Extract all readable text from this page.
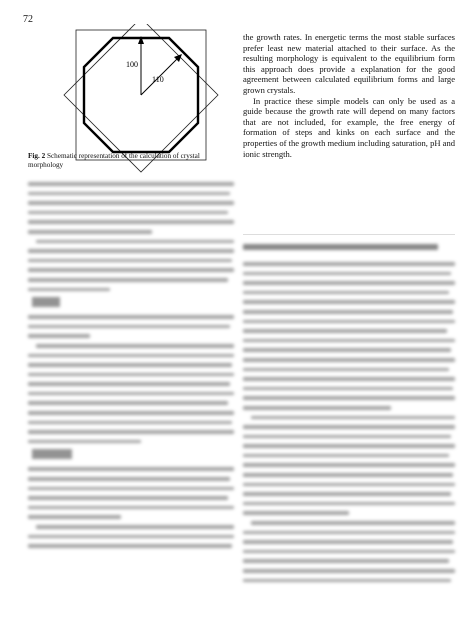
72
100
110
Fig. 2 Schematic representation of the calculation of crystal morphology

the growth rates. In energetic terms the most stable surfaces prefer least new material attached to their surface. As the resulting morphology is equivalent to the equilibrium form this approach does provide a explanation for the good agreement between calculated equilibrium forms and large grown crystals.

In practice these simple models can only be used as a guide because the growth rate will depend on many factors that are not included, for example, the free energy of formation of steps and kinks on each surface and the properties of the growth medium including saturation, pH and ionic strength.
